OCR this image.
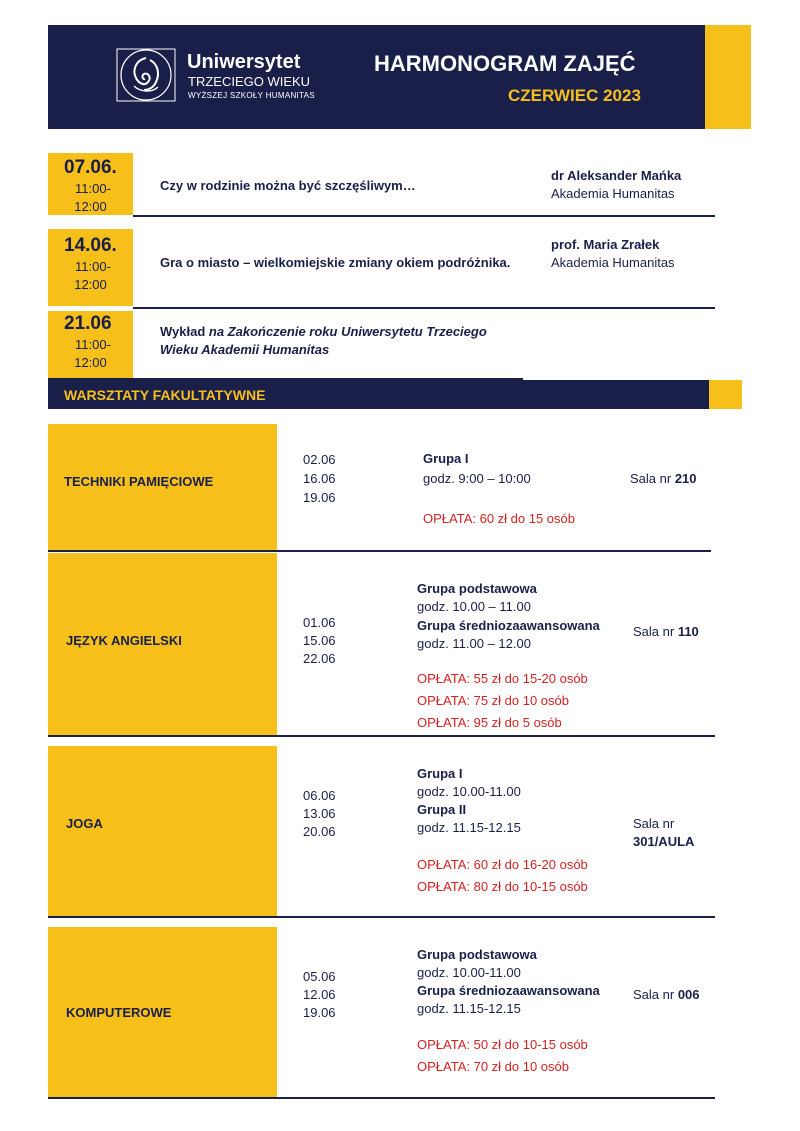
Uniwersytet
TRZECIEGO WIEKU
WYŻSZEJ SZKOŁY HUMANITAS
HARMONOGRAM ZAJĘĆ
CZERWIEC 2023
07.06.
11:00-
12:00
Czy w rodzinie można być szczęśliwym…
dr Aleksander Mańka
Akademia Humanitas
14.06.
11:00-
12:00
Gra o miasto – wielkomiejskie zmiany okiem podróżnika.
prof. Maria Zrałek
Akademia Humanitas
21.06
11:00-
12:00
Wykład na Zakończenie roku Uniwersytetu Trzeciego
Wieku Akademii Humanitas
WARSZTATY FAKULTATYWNE
TECHNIKI PAMIĘCIOWE
02.06
16.06
19.06
Grupa I
godz. 9:00 – 10:00
OPŁATA: 60 zł do 15 osób
Sala nr 210
JĘZYK ANGIELSKI
01.06
15.06
22.06
Grupa podstawowa
godz. 10.00 – 11.00
Grupa średniozaawansowana
godz. 11.00 – 12.00
OPŁATA: 55 zł do 15-20 osób
OPŁATA: 75 zł do 10 osób
OPŁATA: 95 zł do 5 osób
Sala nr 110
JOGA
06.06
13.06
20.06
Grupa I
godz. 10.00-11.00
Grupa II
godz. 11.15-12.15
OPŁATA: 60 zł do 16-20 osób
OPŁATA: 80 zł do 10-15 osób
Sala nr
301/AULA
KOMPUTEROWE
05.06
12.06
19.06
Grupa podstawowa
godz. 10.00-11.00
Grupa średniozaawansowana
godz. 11.15-12.15
OPŁATA: 50 zł do 10-15 osób
OPŁATA: 70 zł do 10 osób
Sala nr 006
